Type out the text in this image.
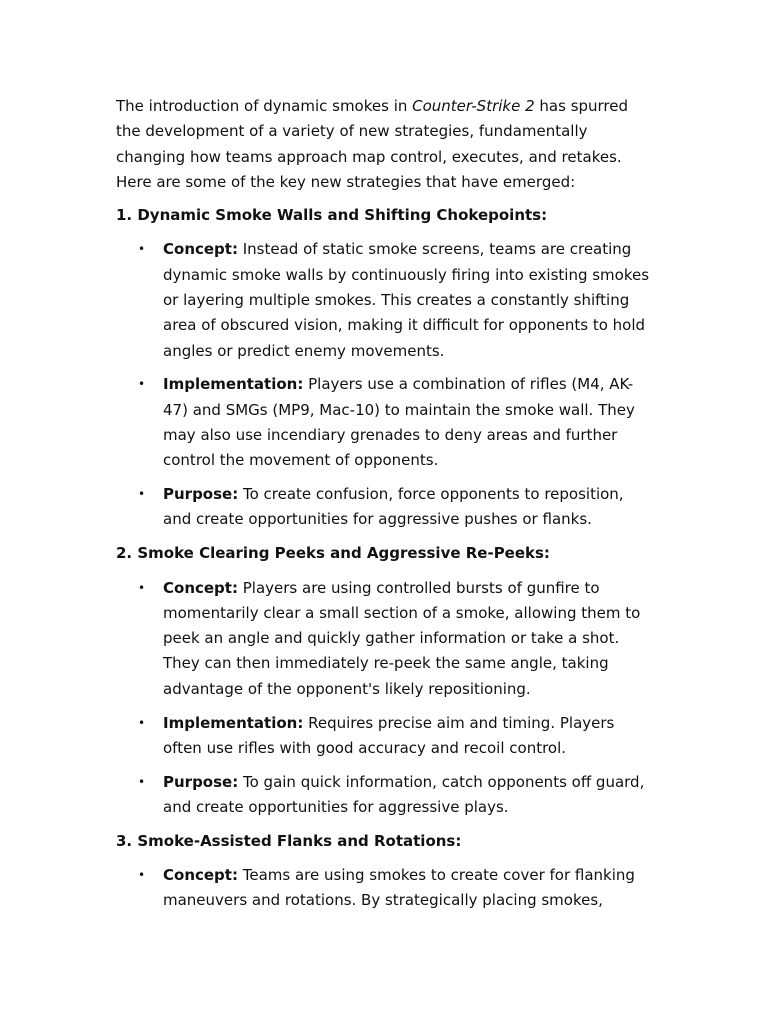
The introduction of dynamic smokes in Counter-Strike 2 has spurred the development of a variety of new strategies, fundamentally changing how teams approach map control, executes, and retakes. Here are some of the key new strategies that have emerged:

1. Dynamic Smoke Walls and Shifting Chokepoints:
• Concept: Instead of static smoke screens, teams are creating dynamic smoke walls by continuously firing into existing smokes or layering multiple smokes. This creates a constantly shifting area of obscured vision, making it difficult for opponents to hold angles or predict enemy movements.
• Implementation: Players use a combination of rifles (M4, AK-47) and SMGs (MP9, Mac-10) to maintain the smoke wall. They may also use incendiary grenades to deny areas and further control the movement of opponents.
• Purpose: To create confusion, force opponents to reposition, and create opportunities for aggressive pushes or flanks.
2. Smoke Clearing Peeks and Aggressive Re-Peeks:
• Concept: Players are using controlled bursts of gunfire to momentarily clear a small section of a smoke, allowing them to peek an angle and quickly gather information or take a shot. They can then immediately re-peek the same angle, taking advantage of the opponent's likely repositioning.
• Implementation: Requires precise aim and timing. Players often use rifles with good accuracy and recoil control.
• Purpose: To gain quick information, catch opponents off guard, and create opportunities for aggressive plays.
3. Smoke-Assisted Flanks and Rotations:
• Concept: Teams are using smokes to create cover for flanking maneuvers and rotations. By strategically placing smokes,
